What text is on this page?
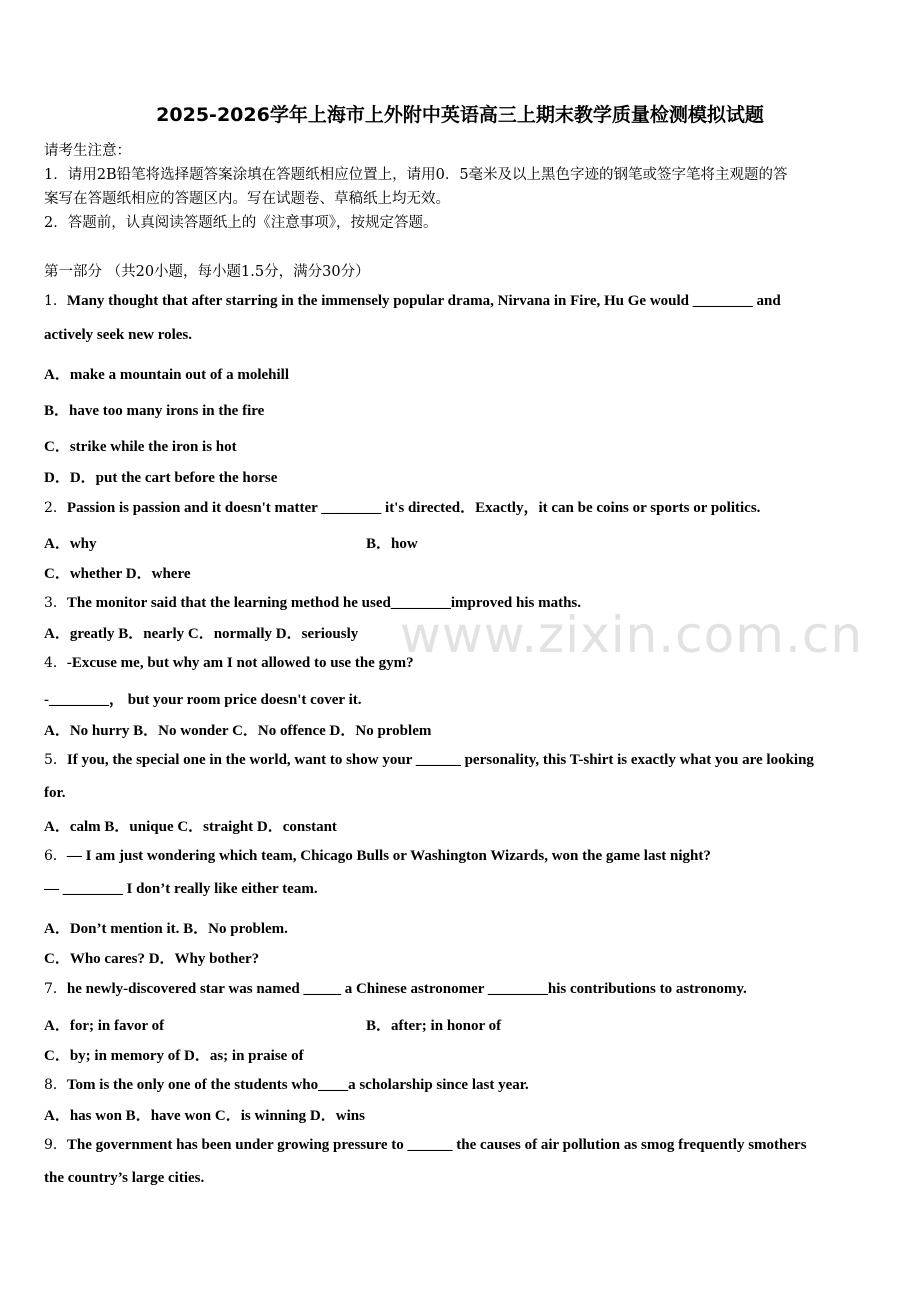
2025-2026学年上海市上外附中英语高三上期末教学质量检测模拟试题
请考生注意：
1．请用2B铅笔将选择题答案涂填在答题纸相应位置上，请用0．5毫米及以上黑色字迹的钢笔或签字笔将主观题的答
案写在答题纸相应的答题区内。写在试题卷、草稿纸上均无效。
2．答题前，认真阅读答题纸上的《注意事项》，按规定答题。
第一部分 （共20小题，每小题1.5分，满分30分）
1．Many thought that after starring in the immensely popular drama, Nirvana in Fire, Hu Ge would ________ and
actively seek new roles.
A．make a mountain out of a molehill
B．have too many irons in the fire
C．strike while the iron is hot
D．D．put the cart before the horse
2．Passion is passion and it doesn't matter ________ it's directed．Exactly，it can be coins or sports or politics.
A．why	B．how
C．whether D．where
3．The monitor said that the learning method he used________improved his maths.
A．greatly B．nearly C．normally D．seriously
4．-Excuse me, but why am I not allowed to use the gym?
-________， but your room price doesn't cover it.
A．No hurry B．No wonder C．No offence D．No problem
5．If you, the special one in the world, want to show your ______ personality, this T-shirt is exactly what you are looking
for.
A．calm B．unique C．straight D．constant
6．— I am just wondering which team, Chicago Bulls or Washington Wizards, won the game last night?
— ________ I don’t really like either team.
A．Don’t mention it. B．No problem.
C．Who cares? D．Why bother?
7．he newly-discovered star was named _____ a Chinese astronomer ________his contributions to astronomy.
A．for; in favor of	B．after; in honor of
C．by; in memory of D．as; in praise of
8．Tom is the only one of the students who____a scholarship since last year.
A．has won B．have won C．is winning D．wins
9．The government has been under growing pressure to ______ the causes of air pollution as smog frequently smothers
the country’s large cities.
www.zixin.com.cn
